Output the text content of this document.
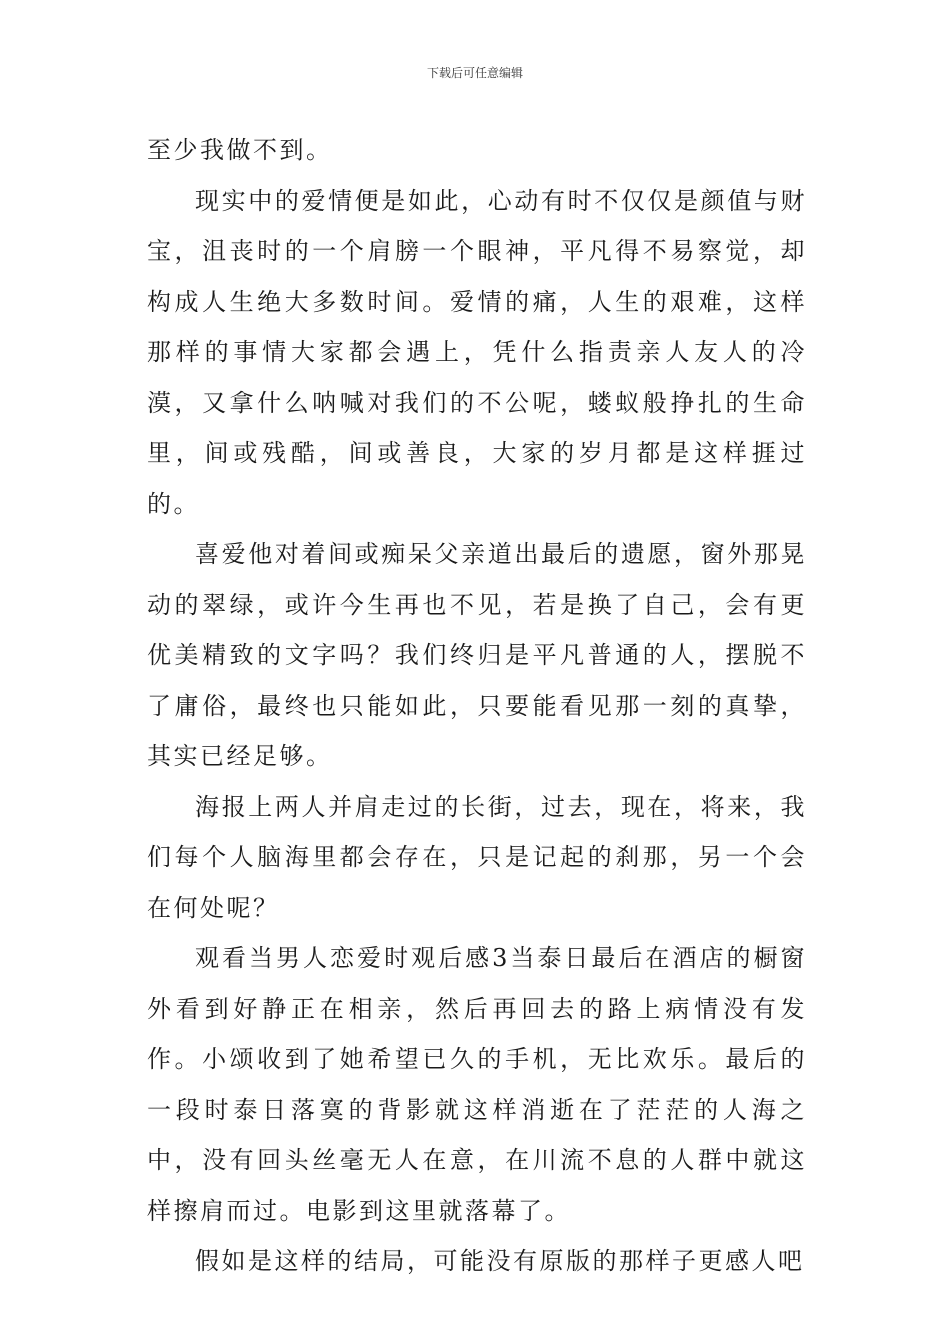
下载后可任意编辑

至少我做不到。

现实中的爱情便是如此，心动有时不仅仅是颜值与财宝，沮丧时的一个肩膀一个眼神，平凡得不易察觉，却构成人生绝大多数时间。爱情的痛，人生的艰难，这样那样的事情大家都会遇上，凭什么指责亲人友人的冷漠，又拿什么呐喊对我们的不公呢，蝼蚁般挣扎的生命里，间或残酷，间或善良，大家的岁月都是这样捱过的。

喜爱他对着间或痴呆父亲道出最后的遗愿，窗外那晃动的翠绿，或许今生再也不见，若是换了自己，会有更优美精致的文字吗？我们终归是平凡普通的人，摆脱不了庸俗，最终也只能如此，只要能看见那一刻的真挚，其实已经足够。

海报上两人并肩走过的长街，过去，现在，将来，我们每个人脑海里都会存在，只是记起的刹那，另一个会在何处呢？

观看当男人恋爱时观后感3当泰日最后在酒店的橱窗外看到好静正在相亲，然后再回去的路上病情没有发作。小颂收到了她希望已久的手机，无比欢乐。最后的一段时泰日落寞的背影就这样消逝在了茫茫的人海之中，没有回头丝毫无人在意，在川流不息的人群中就这样擦肩而过。电影到这里就落幕了。

假如是这样的结局，可能没有原版的那样子更感人吧
